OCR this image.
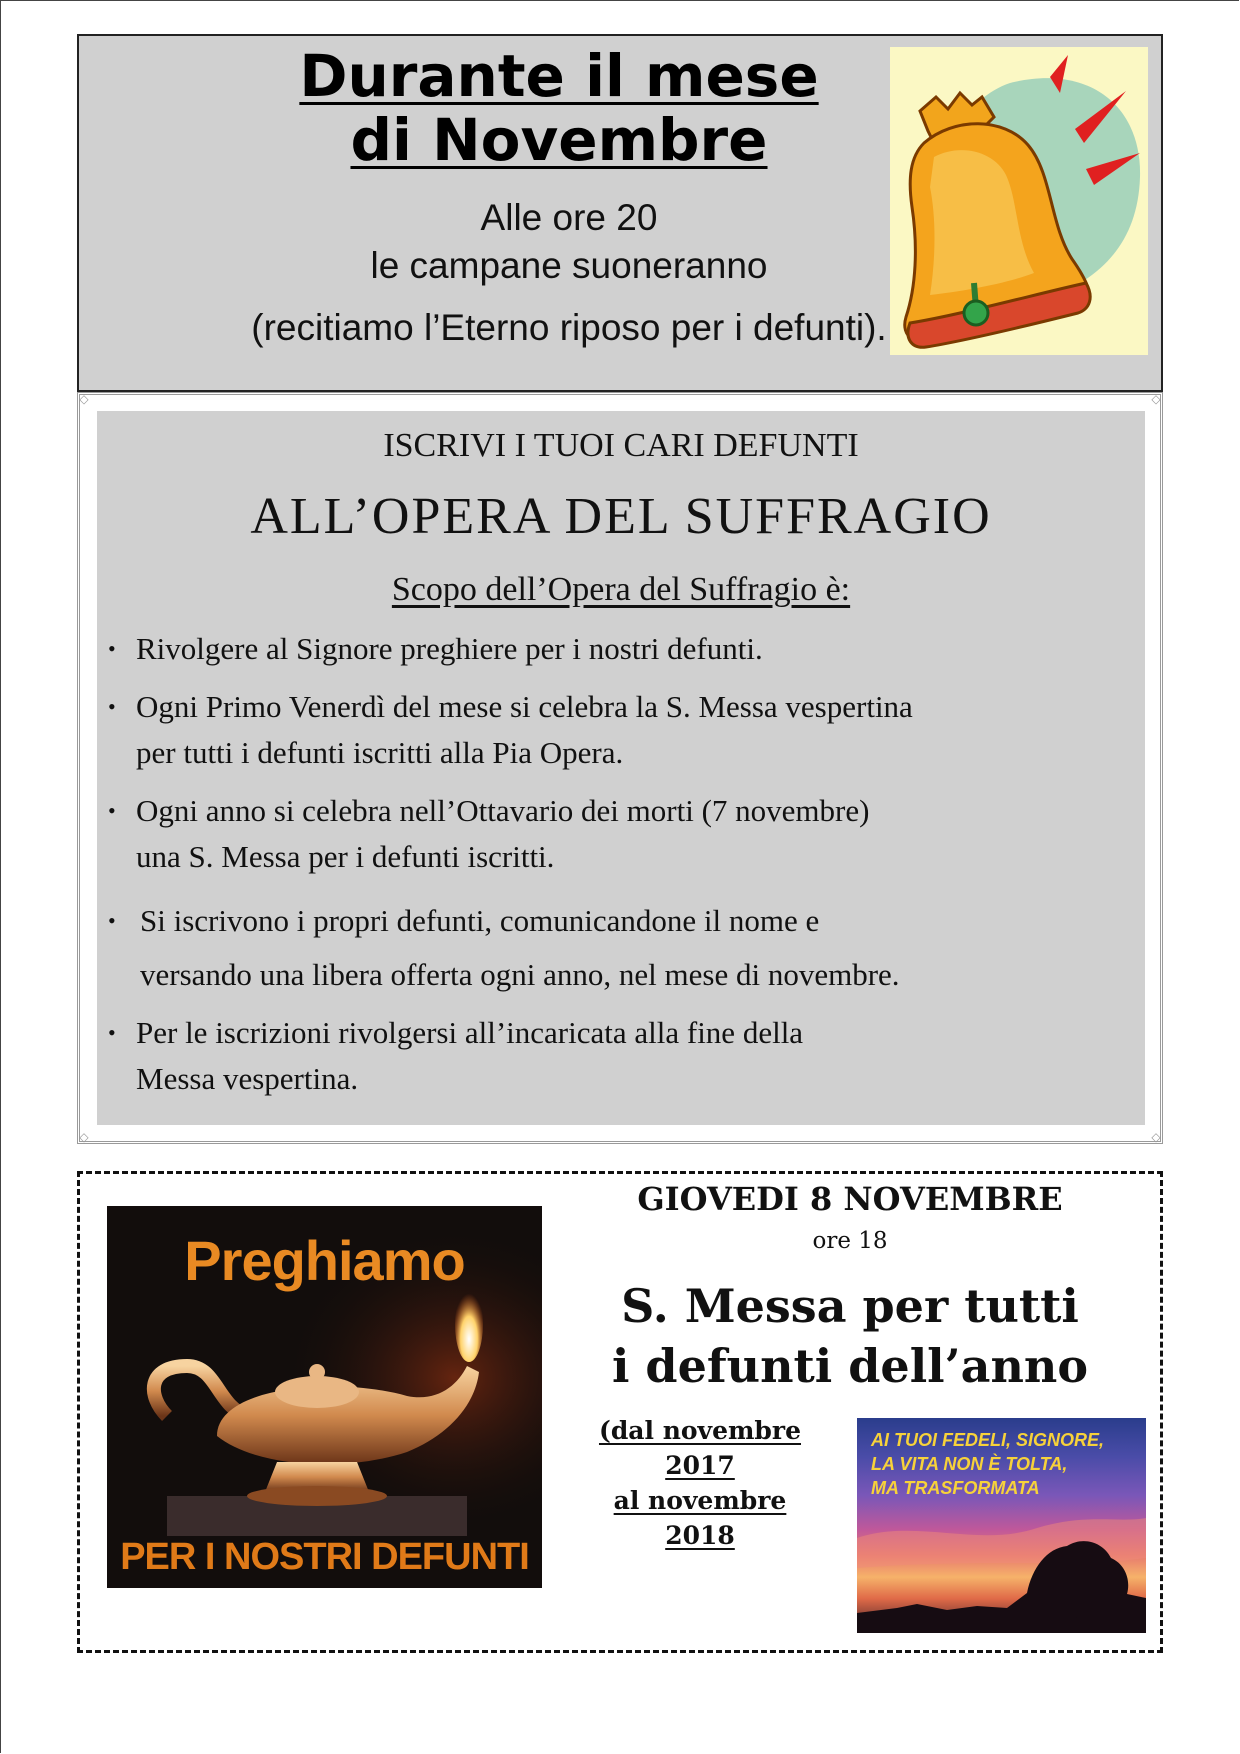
Durante il mese
di Novembre
Alle ore 20
le campane suoneranno
(recitiamo l’Eterno riposo per i defunti).
◇	◇
◇	◇
ISCRIVI I TUOI CARI DEFUNTI
ALL’OPERA DEL SUFFRAGIO
Scopo dell’Opera del Suffragio è:
• Rivolgere al Signore preghiere per i nostri defunti.
• Ogni Primo Venerdì del mese si celebra la S. Messa vespertina
per tutti i defunti iscritti alla Pia Opera.
• Ogni anno si celebra nell’Ottavario dei morti (7 novembre)
una S. Messa per i defunti iscritti.
• Si iscrivono i propri defunti, comunicandone il nome e
versando una libera offerta ogni anno, nel mese di novembre.
• Per le iscrizioni rivolgersi all’incaricata alla fine della
Messa vespertina.
Preghiamo
PER I NOSTRI DEFUNTI
GIOVEDI 8 NOVEMBRE
ore 18
S. Messa per tutti
i defunti dell’anno
(dal novembre
2017
al novembre
2018
AI TUOI FEDELI, SIGNORE,
LA VITA NON È TOLTA,
MA TRASFORMATA
